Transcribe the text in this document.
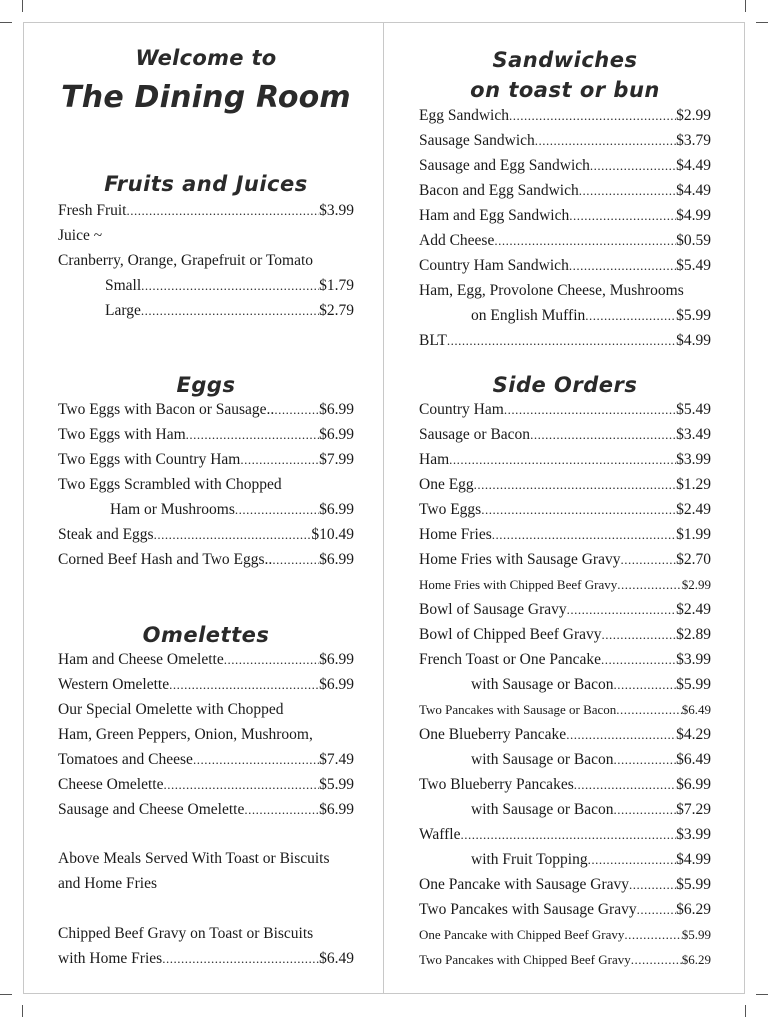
Welcome to
The Dining Room
Fruits and Juices
Fresh Fruit .....	$3.99
Juice ~
Cranberry, Orange, Grapefruit or Tomato
Small .....	$1.79
Large .....	$2.79
Eggs
Two Eggs with Bacon or Sausage.. .....	$6.99
Two Eggs with Ham .....	$6.99
Two Eggs with Country Ham .....	$7.99
Two Eggs Scrambled with Chopped
Ham or Mushrooms .....	$6.99
Steak and Eggs .....	$10.49
Corned Beef Hash and Two Eggs.. .....	$6.99
Omelettes
Ham and Cheese Omelette .....	$6.99
Western Omelette .....	$6.99
Our Special Omelette with Chopped
Ham, Green Peppers, Onion, Mushroom,
Tomatoes and Cheese .....	$7.49
Cheese Omelette .....	$5.99
Sausage and Cheese Omelette .....	$6.99
Above Meals Served With Toast or Biscuits
and Home Fries
Chipped Beef Gravy on Toast or Biscuits
with Home Fries .....	$6.49
Sandwiches
on toast or bun
Egg Sandwich .....	$2.99
Sausage Sandwich .....	$3.79
Sausage and Egg Sandwich .....	$4.49
Bacon and Egg Sandwich .....	$4.49
Ham and Egg Sandwich .....	$4.99
Add Cheese .....	$0.59
Country Ham Sandwich .....	$5.49
Ham, Egg, Provolone Cheese, Mushrooms
on English Muffin .....	$5.99
BLT .....	$4.99
Side Orders
Country Ham .....	$5.49
Sausage or Bacon .....	$3.49
Ham .....	$3.99
One Egg .....	$1.29
Two Eggs .....	$2.49
Home Fries .....	$1.99
Home Fries with Sausage Gravy .....	$2.70
Home Fries with Chipped Beef Gravy .....	$2.99
Bowl of Sausage Gravy .....	$2.49
Bowl of Chipped Beef Gravy .....	$2.89
French Toast or One Pancake .....	$3.99
with Sausage or Bacon .....	$5.99
Two Pancakes with Sausage or Bacon .....	$6.49
One Blueberry Pancake .....	$4.29
with Sausage or Bacon .....	$6.49
Two Blueberry Pancakes .....	$6.99
with Sausage or Bacon .....	$7.29
Waffle .....	$3.99
with Fruit Topping .....	$4.99
One Pancake with Sausage Gravy .....	$5.99
Two Pancakes with Sausage Gravy .....	$6.29
One Pancake with Chipped Beef Gravy .....	$5.99
Two Pancakes with Chipped Beef Gravy .....	$6.29
